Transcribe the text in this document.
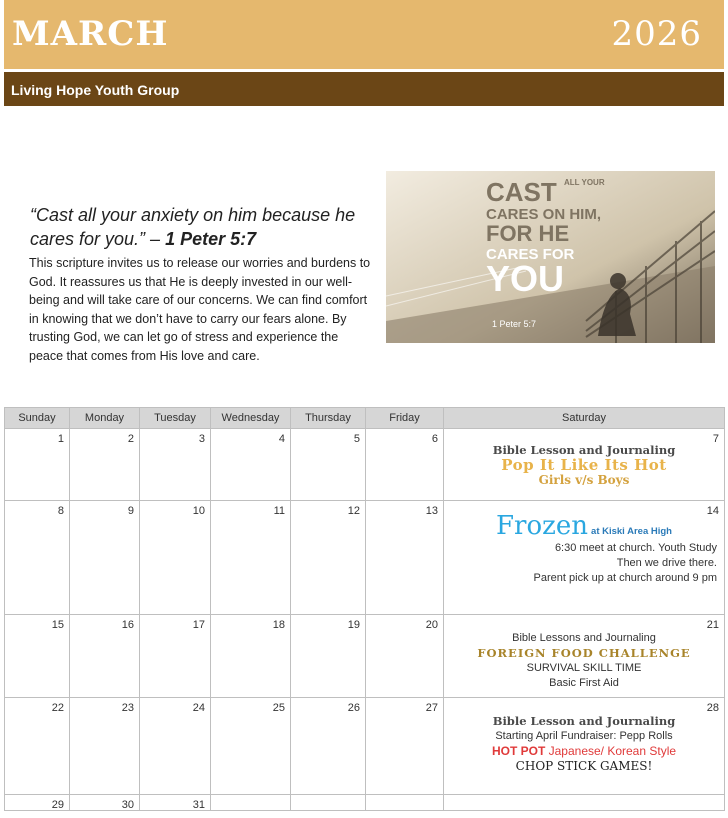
MARCH	2026
Living Hope Youth Group
“Cast all your anxiety on him because he cares for you.” – 1 Peter 5:7
This scripture invites us to release our worries and burdens to God. It reassures us that He is deeply invested in our well-being and will take care of our concerns. We can find comfort in knowing that we don’t have to carry our fears alone. By trusting God, we can let go of stress and experience the peace that comes from His love and care.
CAST ALL YOUR
CARES ON HIM,
FOR HE
CARES FOR
YOU
1 Peter 5:7
Sunday	Monday	Tuesday	Wednesday	Thursday	Friday	Saturday

1	2	3	4	5	6	7
Bible Lesson and Journaling
Pop It Like Its Hot
Girls v/s Boys

8	9	10	11	12	13	14
Frozen at Kiski Area High
6:30 meet at church. Youth Study
Then we drive there.
Parent pick up at church around 9 pm

15	16	17	18	19	20	21
Bible Lessons and Journaling
FOREIGN FOOD CHALLENGE
SURVIVAL SKILL TIME
Basic First Aid

22	23	24	25	26	27	28
Bible Lesson and Journaling
Starting April Fundraiser: Pepp Rolls
HOT POT Japanese/ Korean Style
CHOP STICK GAMES!

29	30	31				
